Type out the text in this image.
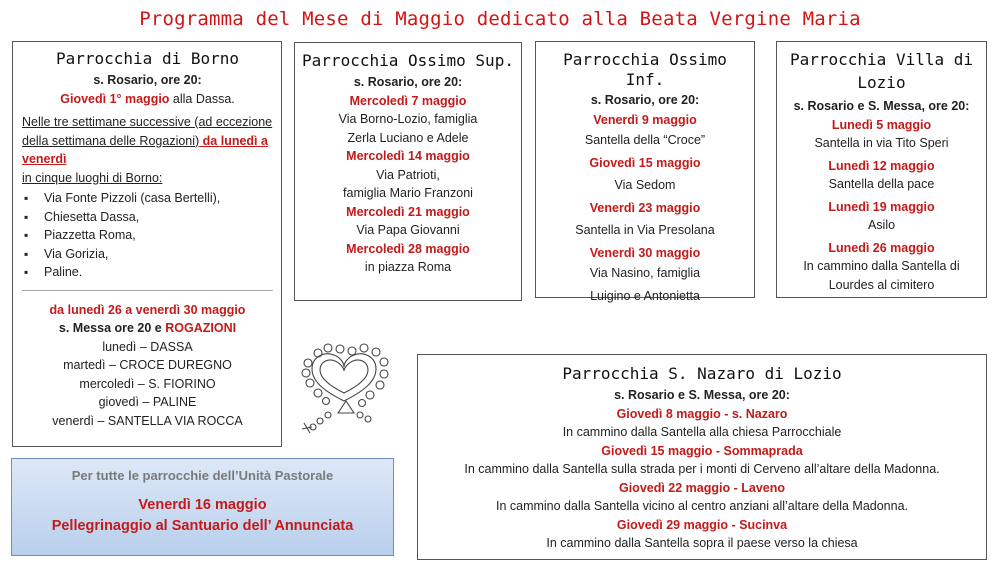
Programma del Mese di Maggio dedicato alla Beata Vergine Maria
Parrocchia di Borno
s. Rosario, ore 20:
Giovedì 1° maggio alla Dassa.
Nelle tre settimane successive (ad eccezione della settimana delle Rogazioni) da lunedì a venerdì
in cinque luoghi di Borno:
▪ Via Fonte Pizzoli (casa Bertelli),
▪ Chiesetta Dassa,
▪ Piazzetta Roma,
▪ Via Gorizia,
▪ Paline.
da lunedì 26 a venerdì 30 maggio
s. Messa ore 20 e ROGAZIONI
lunedì – DASSA
martedì – CROCE DUREGNO
mercoledì – S. FIORINO
giovedì – PALINE
venerdì – SANTELLA VIA ROCCA
Parrocchia Ossimo Sup.
s. Rosario, ore 20:
Mercoledì 7 maggio
Via Borno-Lozio, famiglia
Zerla Luciano e Adele
Mercoledì 14 maggio
Via Patrioti,
famiglia Mario Franzoni
Mercoledì 21 maggio
Via Papa Giovanni
Mercoledì 28 maggio
in piazza Roma
Parrocchia Ossimo Inf.
s. Rosario, ore 20:
Venerdì 9 maggio
Santella della “Croce”
Giovedì 15 maggio
Via Sedom
Venerdì 23 maggio
Santella in Via Presolana
Venerdì 30 maggio
Via Nasino, famiglia
Luigino e Antonietta
Parrocchia Villa di
Lozio
s. Rosario e S. Messa, ore 20:
Lunedì 5 maggio
Santella in via Tito Speri
Lunedì 12 maggio
Santella della pace
Lunedì 19 maggio
Asilo
Lunedì 26 maggio
In cammino dalla Santella di
Lourdes al cimitero
Parrocchia S. Nazaro di Lozio
s. Rosario e S. Messa, ore 20:
Giovedì 8 maggio - s. Nazaro
In cammino dalla Santella alla chiesa Parrocchiale
Giovedì 15 maggio - Sommaprada
In cammino dalla Santella sulla strada per i monti di Cerveno all’altare della Madonna.
Giovedì 22 maggio - Laveno
In cammino dalla Santella vicino al centro anziani all’altare della Madonna.
Giovedì 29 maggio - Sucinva
In cammino dalla Santella sopra il paese verso la chiesa
Per tutte le parrocchie dell’Unità Pastorale
Venerdì 16 maggio
Pellegrinaggio al Santuario dell’ Annunciata
